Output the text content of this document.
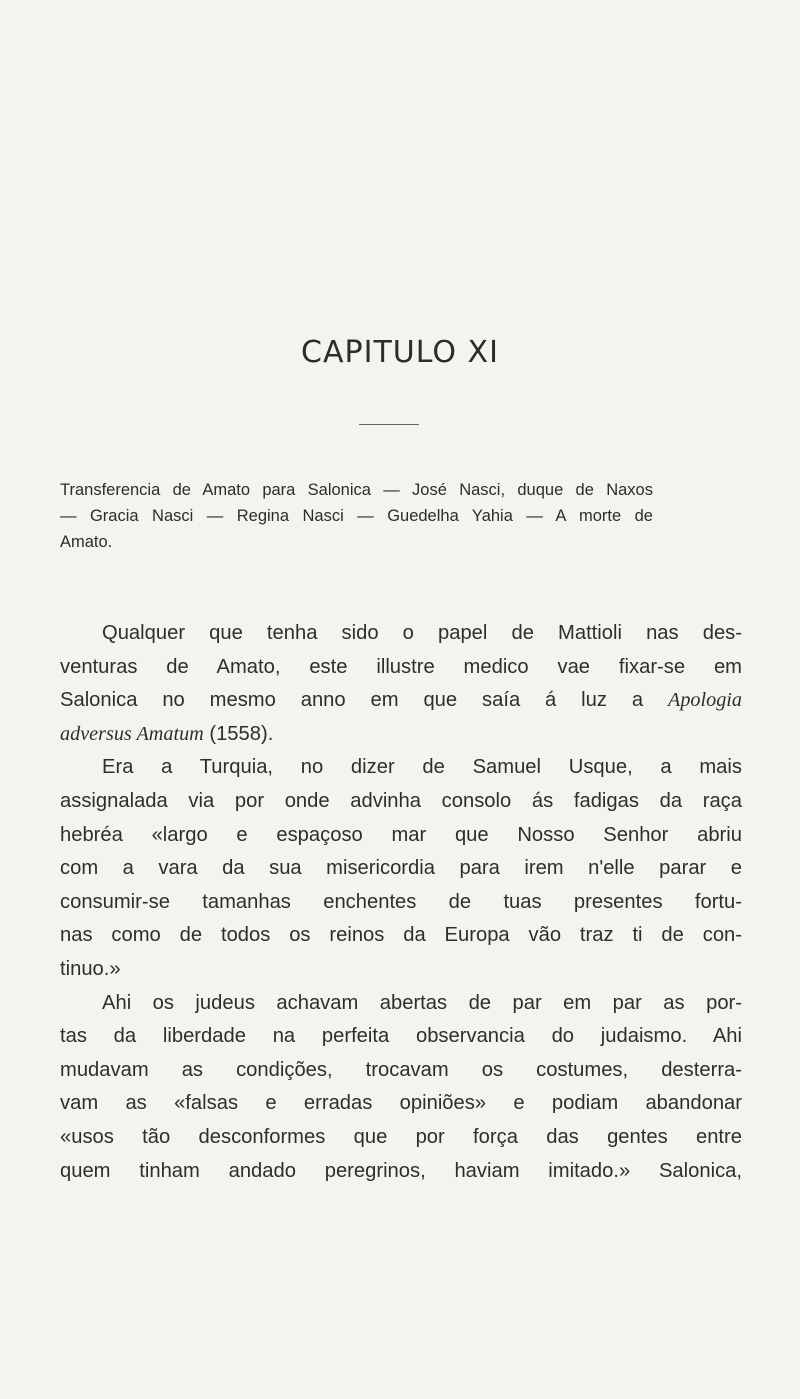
CAPITULO XI
Transferencia de Amato para Salonica — José Nasci, duque de Naxos
— Gracia Nasci — Regina Nasci — Guedelha Yahia — A morte de
Amato.
Qualquer que tenha sido o papel de Mattioli nas des-
venturas de Amato, este illustre medico vae fixar-se em
Salonica no mesmo anno em que saía á luz a Apologia
adversus Amatum (1558).
Era a Turquia, no dizer de Samuel Usque, a mais
assignalada via por onde advinha consolo ás fadigas da raça
hebréa «largo e espaçoso mar que Nosso Senhor abriu
com a vara da sua misericordia para irem n'elle parar e
consumir-se tamanhas enchentes de tuas presentes fortu-
nas como de todos os reinos da Europa vão traz ti de con-
tinuo.»
Ahi os judeus achavam abertas de par em par as por-
tas da liberdade na perfeita observancia do judaismo. Ahi
mudavam as condições, trocavam os costumes, desterra-
vam as «falsas e erradas opiniões» e podiam abandonar
«usos tão desconformes que por força das gentes entre
quem tinham andado peregrinos, haviam imitado.» Salonica,
